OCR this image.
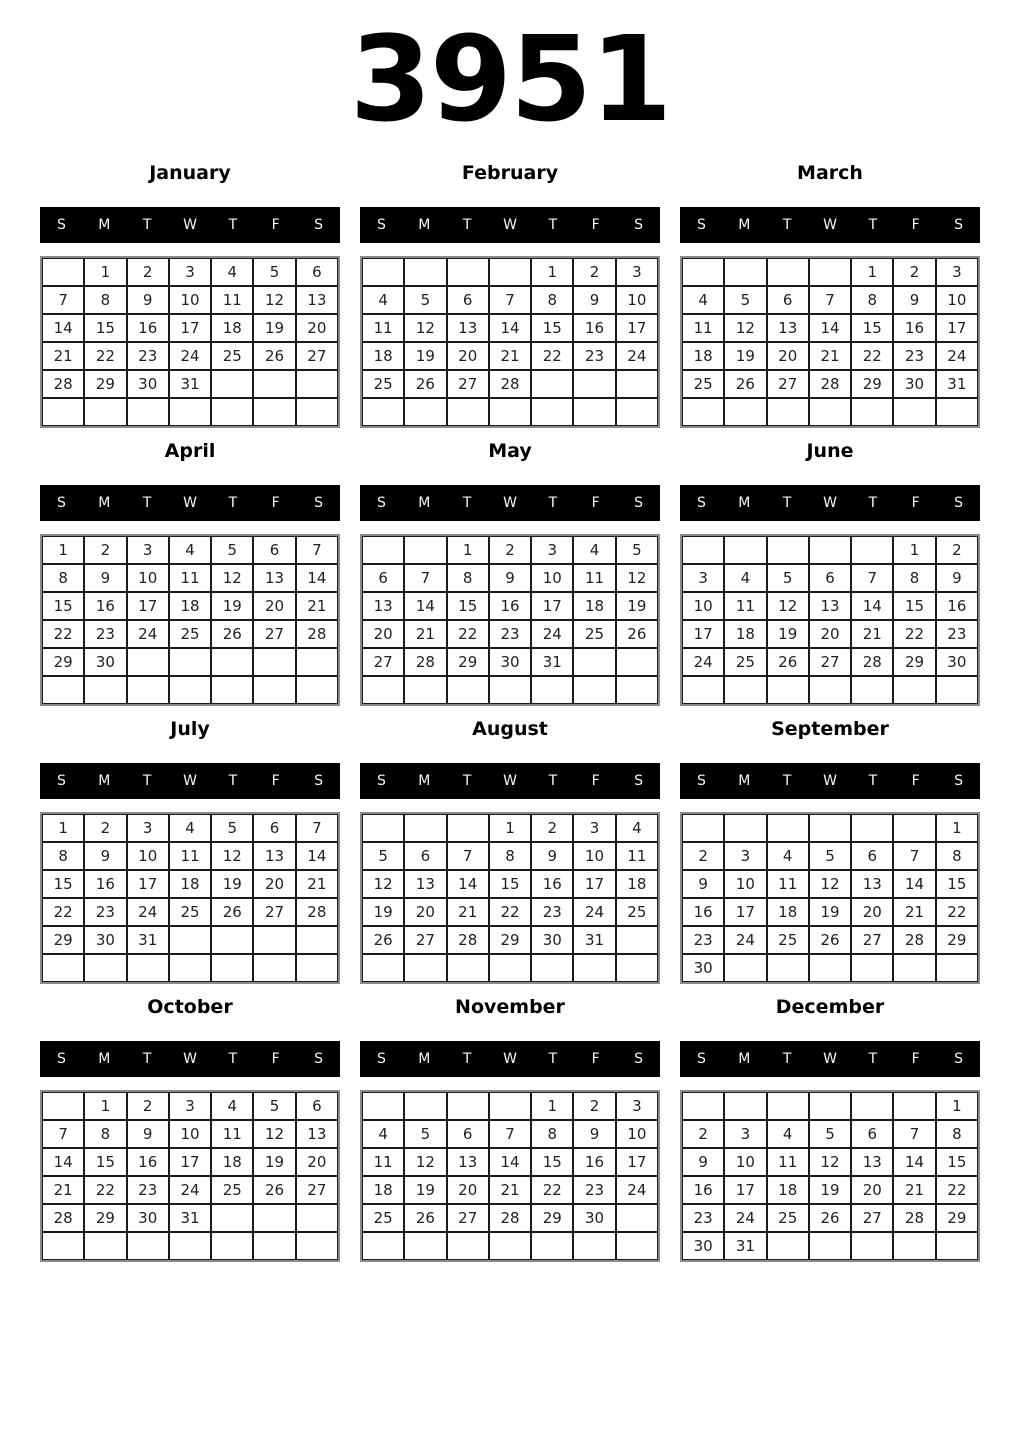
3951
January
S	M	T	W	T	F	S
	1	2	3	4	5	6
7	8	9	10	11	12	13
14	15	16	17	18	19	20
21	22	23	24	25	26	27
28	29	30	31			

February
S	M	T	W	T	F	S
				1	2	3
4	5	6	7	8	9	10
11	12	13	14	15	16	17
18	19	20	21	22	23	24
25	26	27	28			

March
S	M	T	W	T	F	S
				1	2	3
4	5	6	7	8	9	10
11	12	13	14	15	16	17
18	19	20	21	22	23	24
25	26	27	28	29	30	31

April
S	M	T	W	T	F	S
1	2	3	4	5	6	7
8	9	10	11	12	13	14
15	16	17	18	19	20	21
22	23	24	25	26	27	28
29	30					

May
S	M	T	W	T	F	S
		1	2	3	4	5
6	7	8	9	10	11	12
13	14	15	16	17	18	19
20	21	22	23	24	25	26
27	28	29	30	31		

June
S	M	T	W	T	F	S
					1	2
3	4	5	6	7	8	9
10	11	12	13	14	15	16
17	18	19	20	21	22	23
24	25	26	27	28	29	30

July
S	M	T	W	T	F	S
1	2	3	4	5	6	7
8	9	10	11	12	13	14
15	16	17	18	19	20	21
22	23	24	25	26	27	28
29	30	31				

August
S	M	T	W	T	F	S
			1	2	3	4
5	6	7	8	9	10	11
12	13	14	15	16	17	18
19	20	21	22	23	24	25
26	27	28	29	30	31	

September
S	M	T	W	T	F	S
						1
2	3	4	5	6	7	8
9	10	11	12	13	14	15
16	17	18	19	20	21	22
23	24	25	26	27	28	29
30						
October
S	M	T	W	T	F	S
	1	2	3	4	5	6
7	8	9	10	11	12	13
14	15	16	17	18	19	20
21	22	23	24	25	26	27
28	29	30	31			

November
S	M	T	W	T	F	S
				1	2	3
4	5	6	7	8	9	10
11	12	13	14	15	16	17
18	19	20	21	22	23	24
25	26	27	28	29	30	

December
S	M	T	W	T	F	S
						1
2	3	4	5	6	7	8
9	10	11	12	13	14	15
16	17	18	19	20	21	22
23	24	25	26	27	28	29
30	31					
